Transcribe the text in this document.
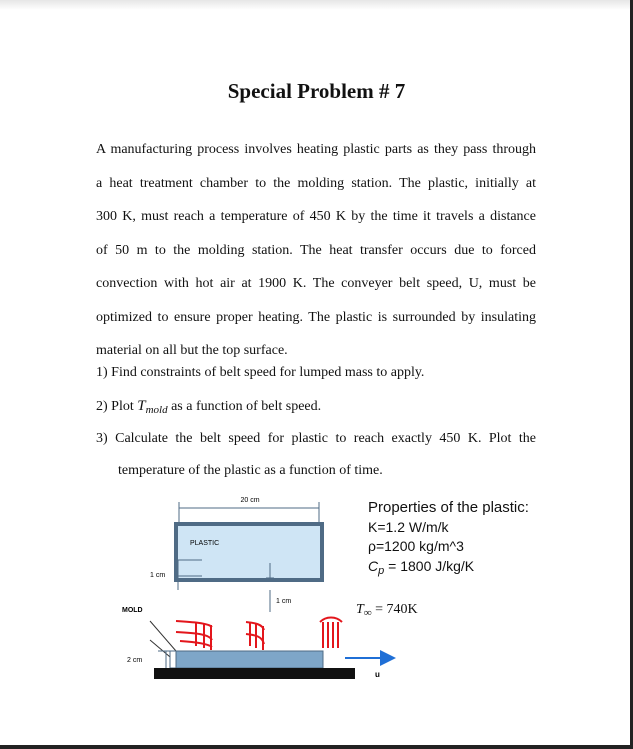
Special Problem # 7
A manufacturing process involves heating plastic parts as they pass through
a heat treatment chamber to the molding station. The plastic, initially at
300 K, must reach a temperature of 450 K by the time it travels a distance
of 50 m to the molding station. The heat transfer occurs due to forced
convection with hot air at 1900 K. The conveyer belt speed, U, must be
optimized to ensure proper heating. The plastic is surrounded by insulating
material on all but the top surface.
1) Find constraints of belt speed for lumped mass to apply.
2) Plot $T_{mold}$ as a function of belt speed.
3) Calculate the belt speed for plastic to reach exactly 450 K. Plot the
temperature of the plastic as a function of time.
Properties of the plastic:
K=1.2 W/m/k
ρ=1200 kg/m^3
$C_p = 1800$ J/kg/K
$T_\infty = 740K$
20 cm
PLASTIC
1 cm
1 cm
MOLD
2 cm
u
